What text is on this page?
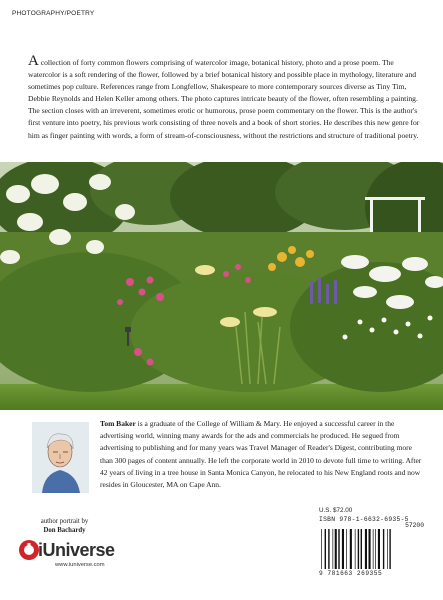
PHOTOGRAPHY/POETRY
A collection of forty common flowers comprising of watercolor image, botanical history, photo and a prose poem. The watercolor is a soft rendering of the flower, followed by a brief botanical history and possible place in mythology, literature and sometimes pop culture. References range from Longfellow, Shakespeare to more contemporary sources diverse as Tiny Tim, Debbie Reynolds and Helen Keller among others. The photo captures intricate beauty of the flower, often resembling a painting. The section closes with an irreverent, sometimes erotic or humorous, prose poem commentary on the flower. This is the author's first venture into poetry, his previous work consisting of three novels and a book of short stories. He describes this new genre for him as finger painting with words, a form of stream-of-consciousness, without the restrictions and structure of traditional poetry.
author portrait by
Don Bachardy
Tom Baker is a graduate of the College of William & Mary. He enjoyed a successful career in the advertising world, winning many awards for the ads and commercials he produced. He segued from advertising to publishing and for many years was Travel Manager of Reader's Digest, contributing more than 300 pages of content annually. He left the corporate world in 2010 to devote full time to writing. After 42 years of living in a tree house in Santa Monica Canyon, he relocated to his New England roots and now resides in Gloucester, MA on Cape Ann.
U.S. $72.00
ISBN 978-1-6632-6935-5
57200
9 781663 269355
iUniverse
www.iuniverse.com
